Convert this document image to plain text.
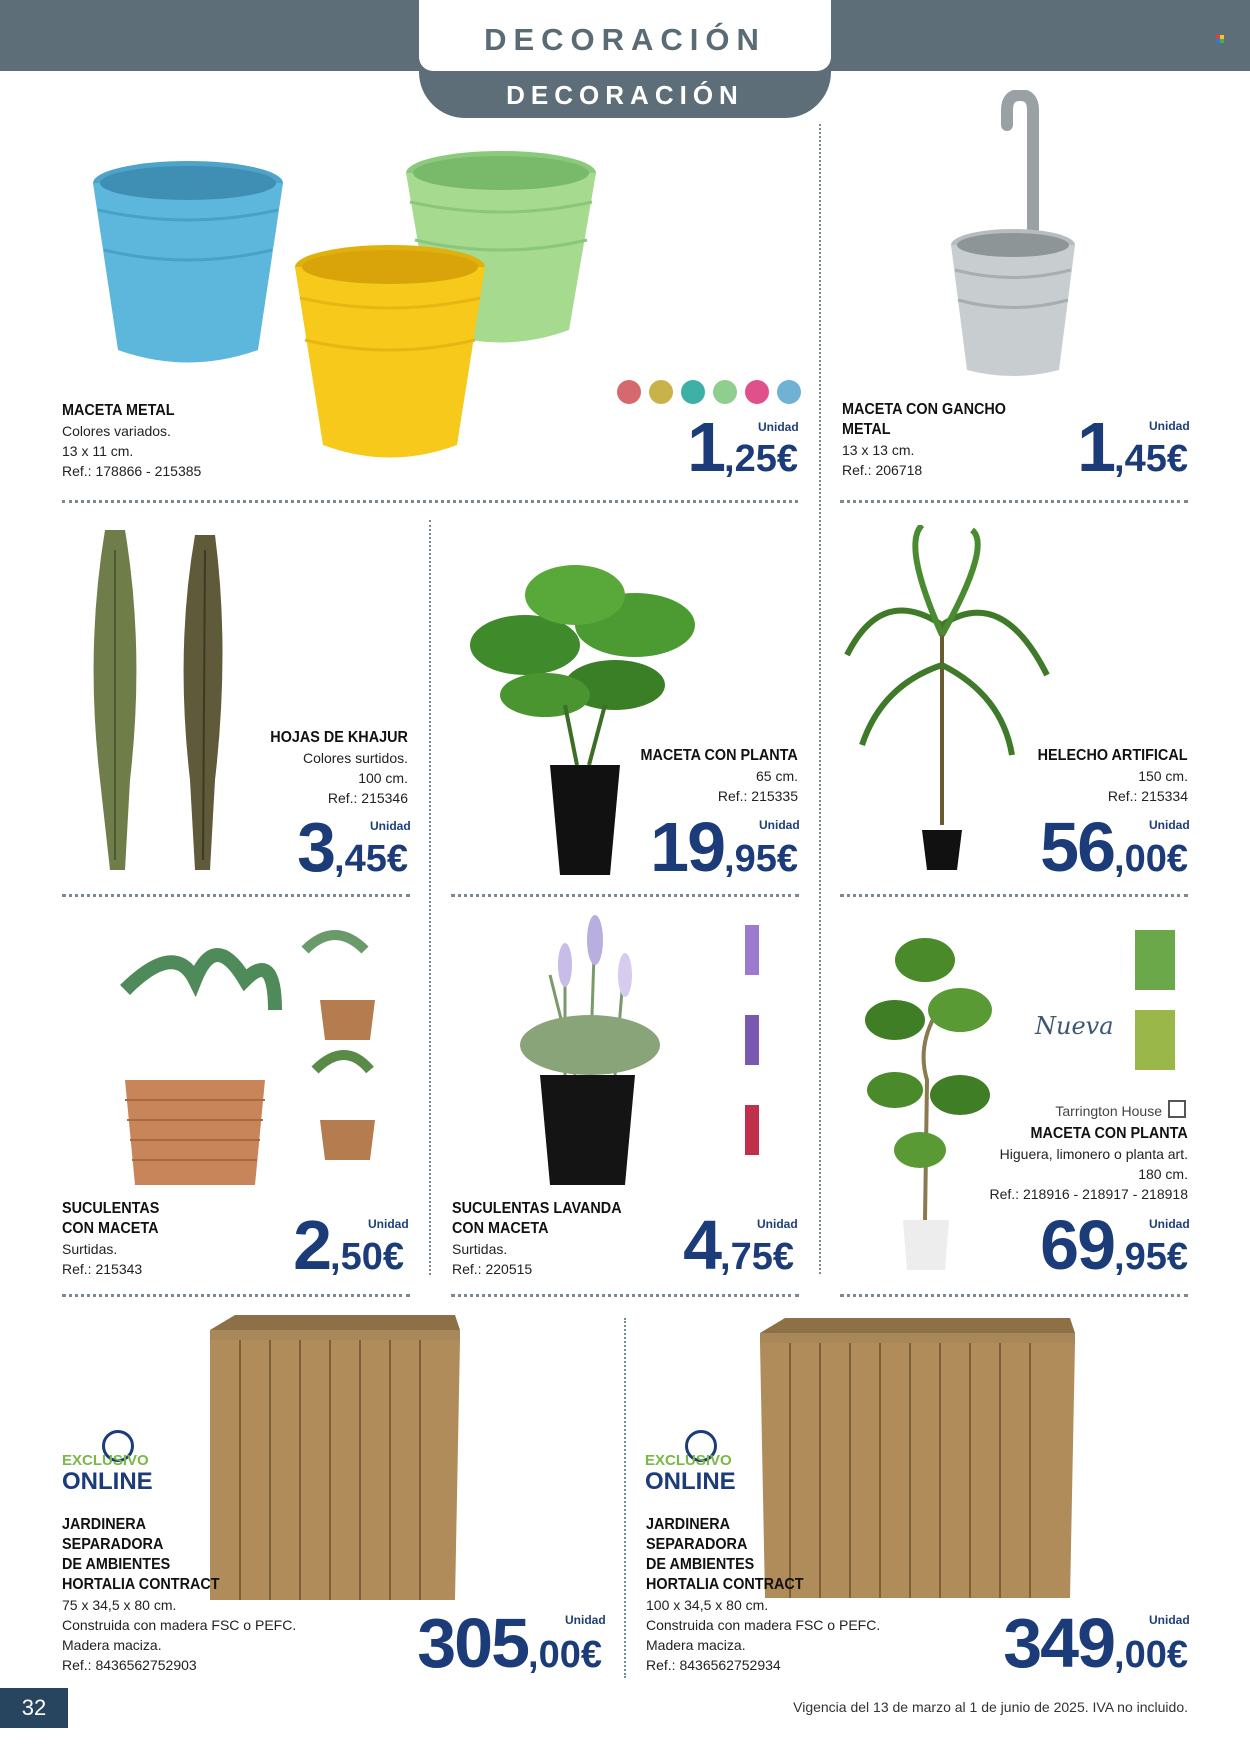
DECORACIÓN
DECORACIÓN
MACETA METAL
Colores variados.
13 x 11 cm.
Ref.: 178866 - 215385
Unidad
1,25€
MACETA CON GANCHO
METAL
13 x 13 cm.
Ref.: 206718
Unidad
1,45€
HOJAS DE KHAJUR
Colores surtidos.
100 cm.
Ref.: 215346
Unidad
3,45€
MACETA CON PLANTA
65 cm.
Ref.: 215335
Unidad
19,95€
HELECHO ARTIFICAL
150 cm.
Ref.: 215334
Unidad
56,00€
SUCULENTAS
CON MACETA
Surtidas.
Ref.: 215343
Unidad
2,50€
SUCULENTAS LAVANDA
CON MACETA
Surtidas.
Ref.: 220515
Unidad
4,75€
Nueva
Tarrington House
MACETA CON PLANTA
Higuera, limonero o planta art.
180 cm.
Ref.: 218916 - 218917 - 218918
Unidad
69,95€
EXCLUSIVO
ONLINE
JARDINERA
SEPARADORA
DE AMBIENTES
HORTALIA CONTRACT
75 x 34,5 x 80 cm.
Construida con madera FSC o PEFC.
Madera maciza.
Ref.: 8436562752903
Unidad
305,00€
EXCLUSIVO
ONLINE
JARDINERA
SEPARADORA
DE AMBIENTES
HORTALIA CONTRACT
100 x 34,5 x 80 cm.
Construida con madera FSC o PEFC.
Madera maciza.
Ref.: 8436562752934
Unidad
349,00€
32	Vigencia del 13 de marzo al 1 de junio de 2025. IVA no incluido.
